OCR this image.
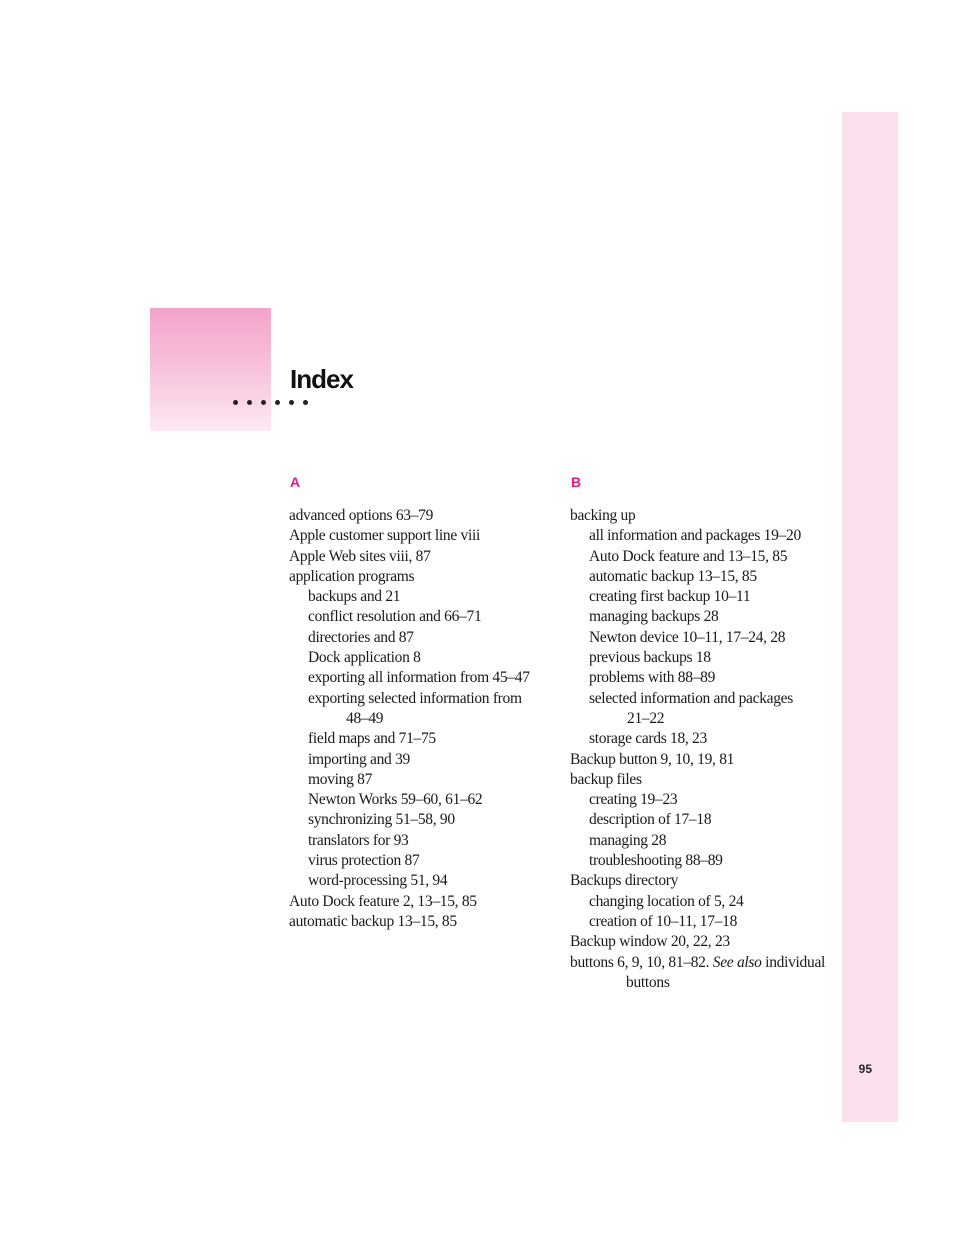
95
Index
A	B
advanced options 63–79
Apple customer support line viii
Apple Web sites viii, 87
application programs
backups and 21
conflict resolution and 66–71
directories and 87
Dock application 8
exporting all information from 45–47
exporting selected information from
48–49
field maps and 71–75
importing and 39
moving 87
Newton Works 59–60, 61–62
synchronizing 51–58, 90
translators for 93
virus protection 87
word-processing 51, 94
Auto Dock feature 2, 13–15, 85
automatic backup 13–15, 85
backing up
all information and packages 19–20
Auto Dock feature and 13–15, 85
automatic backup 13–15, 85
creating first backup 10–11
managing backups 28
Newton device 10–11, 17–24, 28
previous backups 18
problems with 88–89
selected information and packages
21–22
storage cards 18, 23
Backup button 9, 10, 19, 81
backup files
creating 19–23
description of 17–18
managing 28
troubleshooting 88–89
Backups directory
changing location of 5, 24
creation of 10–11, 17–18
Backup window 20, 22, 23
buttons 6, 9, 10, 81–82. See also individual
buttons
